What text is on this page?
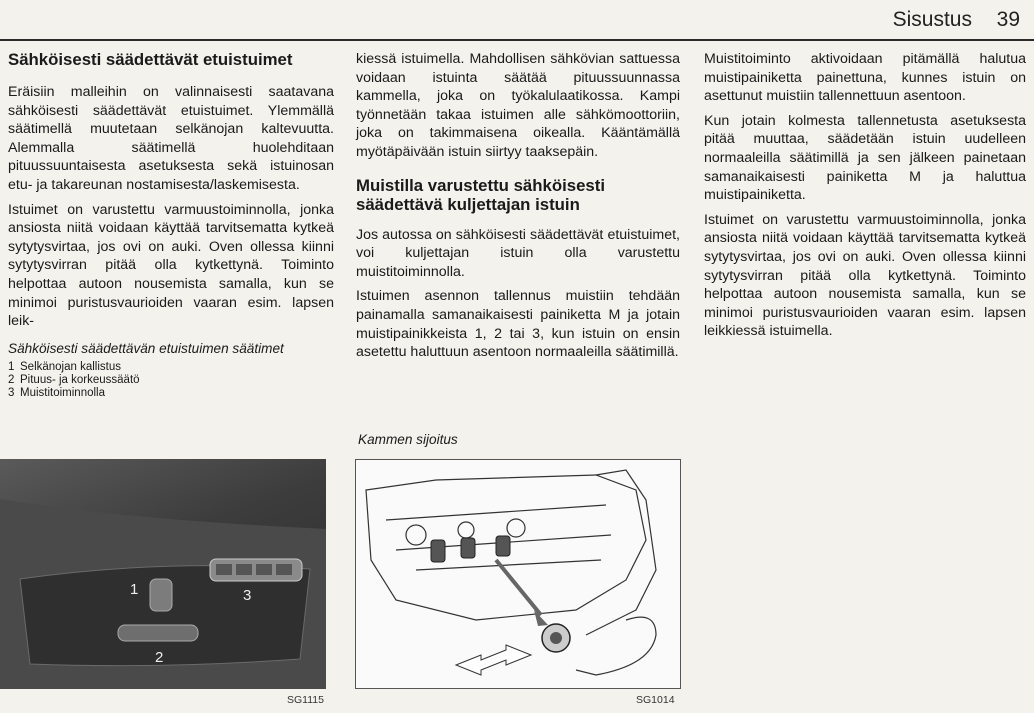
Sisustus 39
Sähköisesti säädettävät etuistuimet

Eräisiin malleihin on valinnaisesti saatavana sähköisesti säädettävät etuistuimet. Ylemmällä säätimellä muutetaan selkänojan kaltevuutta. Alemmalla säätimellä huolehditaan pituussuuntaisesta asetuksesta sekä istuinosan etu- ja takareunan nostamisesta/laskemisesta.

Istuimet on varustettu varmuustoiminnolla, jonka ansiosta niitä voidaan käyttää tarvitsematta kytkeä sytytysvirtaa, jos ovi on auki. Oven ollessa kiinni sytytysvirran pitää olla kytkettynä. Toiminto helpottaa autoon nousemista samalla, kun se minimoi puristusvaurioiden vaaran esim. lapsen leik-

Sähköisesti säädettävän etuistuimen säätimet
1 Selkänojan kallistus
2 Pituus- ja korkeussäätö
3 Muistitoiminnolla
1
2
3
SG1115

kiessä istuimella. Mahdollisen sähkövian sattuessa voidaan istuinta säätää pituussuunnassa kammella, joka on työkalulaatikossa. Kampi työnnetään takaa istuimen alle sähkömoottoriin, joka on takimmaisena oikealla. Kääntämällä myötäpäivään istuin siirtyy taaksepäin.

Muistilla varustettu sähköisesti säädettävä kuljettajan istuin

Jos autossa on sähköisesti säädettävät etuistuimet, voi kuljettajan istuin olla varustettu muistitoiminnolla.

Istuimen asennon tallennus muistiin tehdään painamalla samanaikaisesti painiketta M ja jotain muistipainikkeista 1, 2 tai 3, kun istuin on ensin asetettu haluttuun asentoon normaaleilla säätimillä.

Kammen sijoitus
SG1014

Muistitoiminto aktivoidaan pitämällä halutua muistipainiketta painettuna, kunnes istuin on asettunut muistiin tallennettuun asentoon.

Kun jotain kolmesta tallennetusta asetuksesta pitää muuttaa, säädetään istuin uudelleen normaaleilla säätimillä ja sen jälkeen painetaan samanaikaisesti painiketta M ja haluttua muistipainiketta.

Istuimet on varustettu varmuustoiminnolla, jonka ansiosta niitä voidaan käyttää tarvitsematta kytkeä sytytysvirtaa, jos ovi on auki. Oven ollessa kiinni sytytysvirran pitää olla kytkettynä. Toiminto helpottaa autoon nousemista samalla, kun se minimoi puristusvaurioiden vaaran esim. lapsen leikkiessä istuimella.
